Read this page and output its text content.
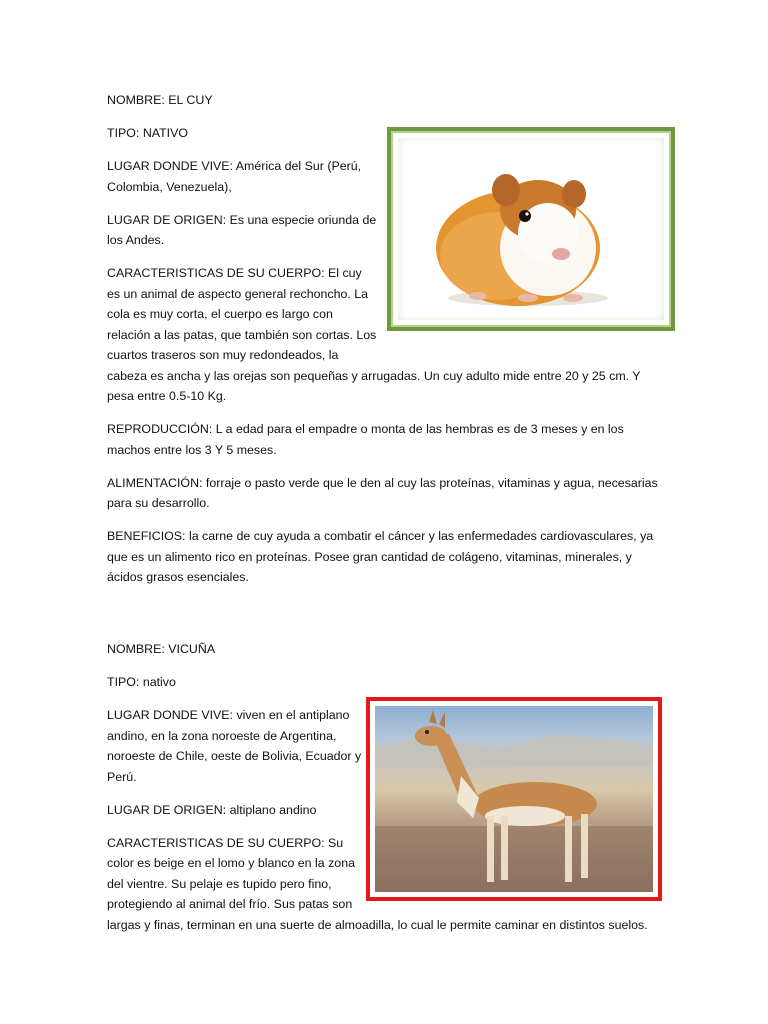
NOMBRE: EL CUY

TIPO: NATIVO

LUGAR DONDE VIVE: América del Sur (Perú, Colombia, Venezuela),

LUGAR DE ORIGEN: Es una especie oriunda de los Andes.

CARACTERISTICAS DE SU CUERPO: El cuy es un animal de aspecto general rechoncho. La cola es muy corta, el cuerpo es largo con relación a las patas, que también son cortas. Los cuartos traseros son muy redondeados, la cabeza es ancha y las orejas son pequeñas y arrugadas. Un cuy adulto mide entre 20 y 25 cm. Y pesa entre 0.5-10 Kg.

REPRODUCCIÓN: L a edad para el empadre o monta de las hembras es de 3 meses y en los machos entre los 3 Y 5 meses.

ALIMENTACIÓN: forraje o pasto verde que le den al cuy las proteínas, vitaminas y agua, necesarias para su desarrollo.

BENEFICIOS: la carne de cuy ayuda a combatir el cáncer y las enfermedades cardiovasculares, ya que es un alimento rico en proteínas. Posee gran cantidad de colágeno, vitaminas, minerales, y ácidos grasos esenciales.

NOMBRE: VICUÑA

TIPO: nativo

LUGAR DONDE VIVE: viven en el antiplano andino, en la zona noroeste de Argentina, noroeste de Chile, oeste de Bolivia, Ecuador y Perú.

LUGAR DE ORIGEN: altiplano andino

CARACTERISTICAS DE SU CUERPO: Su color es beige en el lomo y blanco en la zona del vientre. Su pelaje es tupido pero fino, protegiendo al animal del frío. Sus patas son largas y finas, terminan en una suerte de almoadilla, lo cual le permite caminar en distintos suelos.
